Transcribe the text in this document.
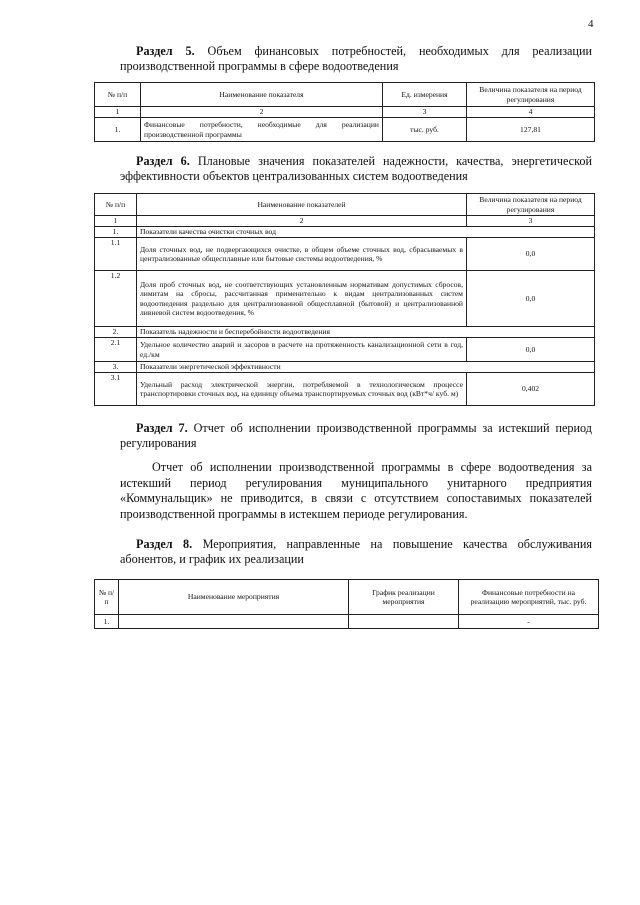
4
Раздел 5. Объем финансовых потребностей, необходимых для реализации производственной программы в сфере водоотведения
№ п/п	Наименование показателя	Ед. измерения	Величина показателя на период регулирования
1	2	3	4
1.	Финансовые потребности, необходимые для реализации производственной программы	тыс. руб.	127,81
Раздел 6. Плановые значения показателей надежности, качества, энергетической эффективности объектов централизованных систем водоотведения
№ п/п	Наименование показателей	Величина показателя на период регулирования
1	2	3
1.	Показатели качества очистки сточных вод	
1.1	Доля сточных вод, не подвергающихся очистке, в общем объеме сточных вод, сбрасываемых в централизованные общесплавные или бытовые системы водоотведения, %	0,0
1.2	Доля проб сточных вод, не соответствующих установленным нормативам допустимых сбросов, лимитам на сбросы, рассчитанная применительно к видам централизованных систем водоотведения раздельно для централизованной общесплавной (бытовой) и централизованной ливневой систем водоотведения, %	0,0
2.	Показатель надежности и бесперебойности водоотведения	
2.1	Удельное количество аварий и засоров в расчете на протяженность канализационной сети в год, ед./км	0,0
3.	Показатели энергетической эффективности	
3.1	Удельный расход электрической энергии, потребляемой в технологическом процессе транспортировки сточных вод, на единицу объема транспортируемых сточных вод (кВт*ч/ куб. м)	0,402
Раздел 7. Отчет об исполнении производственной программы за истекший период регулирования
Отчет об исполнении производственной программы в сфере водоотведения за истекший период регулирования муниципального унитарного предприятия «Коммунальщик» не приводится, в связи с отсутствием сопоставимых показателей производственной программы в истекшем периоде регулирования.
Раздел 8. Мероприятия, направленные на повышение качества обслуживания абонентов, и график их реализации
№ п/п	Наименование мероприятия	График реализации мероприятия	Финансовые потребности на реализацию мероприятий, тыс. руб.
1.			-
